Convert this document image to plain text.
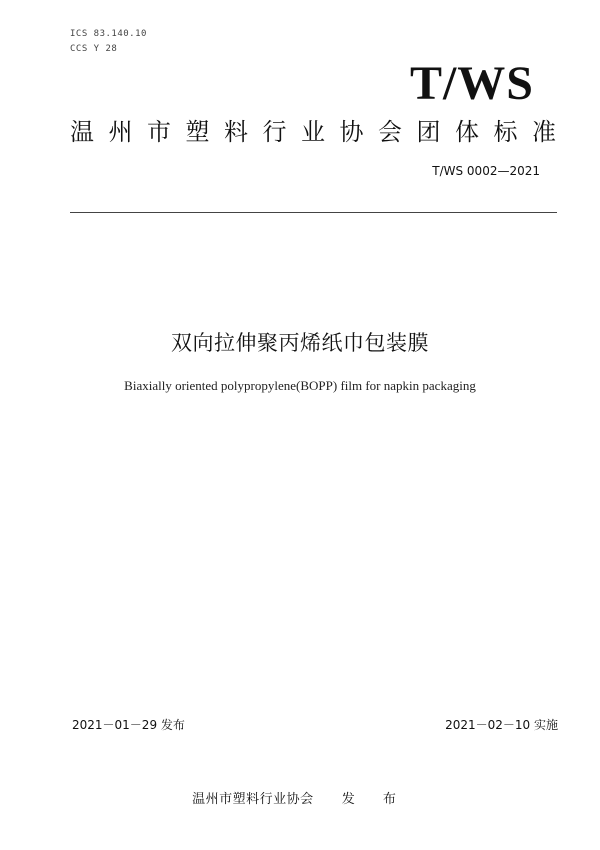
ICS 83.140.10
CCS Y 28
T/WS
温州市塑料行业协会团体标准
T/WS 0002—2021
双向拉伸聚丙烯纸巾包装膜
Biaxially oriented polypropylene(BOPP) film for napkin packaging
2021－01－29 发布	2021－02－10 实施
温州市塑料行业协会 发 布
